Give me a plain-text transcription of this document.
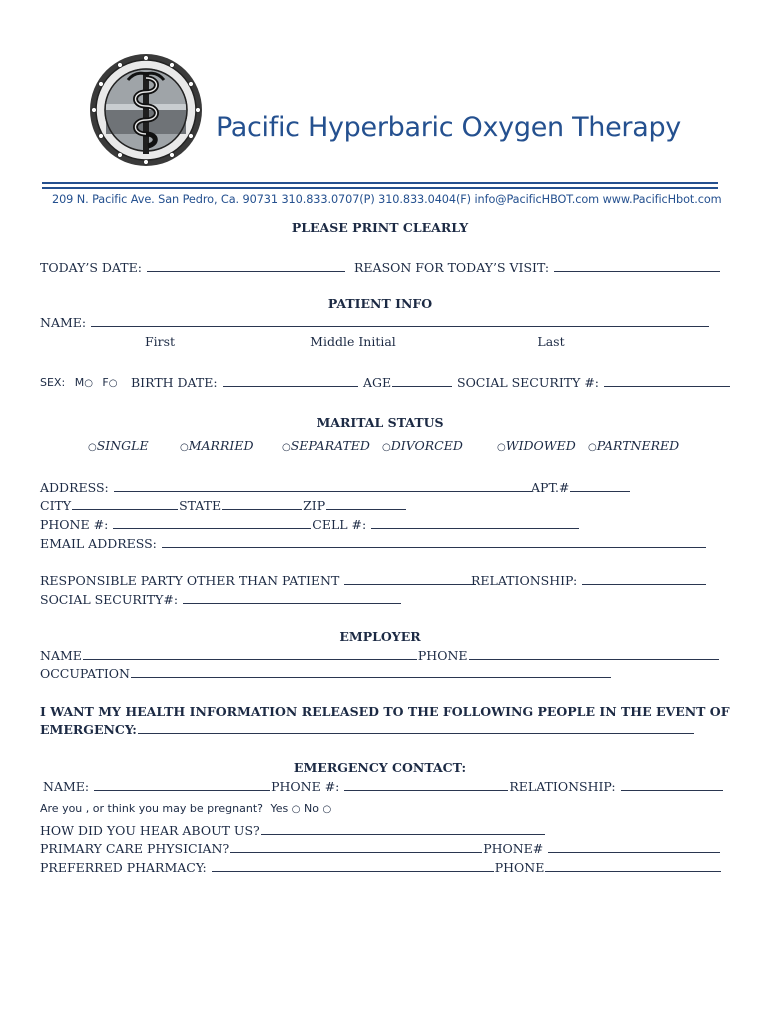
Pacific Hyperbaric Oxygen Therapy
209 N. Pacific Ave. San Pedro, Ca. 90731 310.833.0707(P) 310.833.0404(F) info@PacificHBOT.com www.PacificHbot.com
PLEASE PRINT CLEARLY
TODAY’S DATE:	REASON FOR TODAY’S VISIT:
PATIENT INFO
NAME:
First	Middle Initial	Last
SEX: M○ F○ BIRTH DATE:	AGE	SOCIAL SECURITY #:
MARITAL STATUS
○SINGLE	○MARRIED	○SEPARATED ○DIVORCED	○WIDOWED ○PARTNERED
ADDRESS:	APT.#
CITY	STATE	ZIP
PHONE #:	CELL #:
EMAIL ADDRESS:
RESPONSIBLE PARTY OTHER THAN PATIENT	RELATIONSHIP:
SOCIAL SECURITY#:
EMPLOYER
NAME	PHONE
OCCUPATION
I WANT MY HEALTH INFORMATION RELEASED TO THE FOLLOWING PEOPLE IN THE EVENT OF
EMERGENCY:
EMERGENCY CONTACT:
NAME:	PHONE #:	RELATIONSHIP:
Are you , or think you may be pregnant? Yes ○ No ○
HOW DID YOU HEAR ABOUT US?
PRIMARY CARE PHYSICIAN?	PHONE#
PREFERRED PHARMACY:	PHONE
